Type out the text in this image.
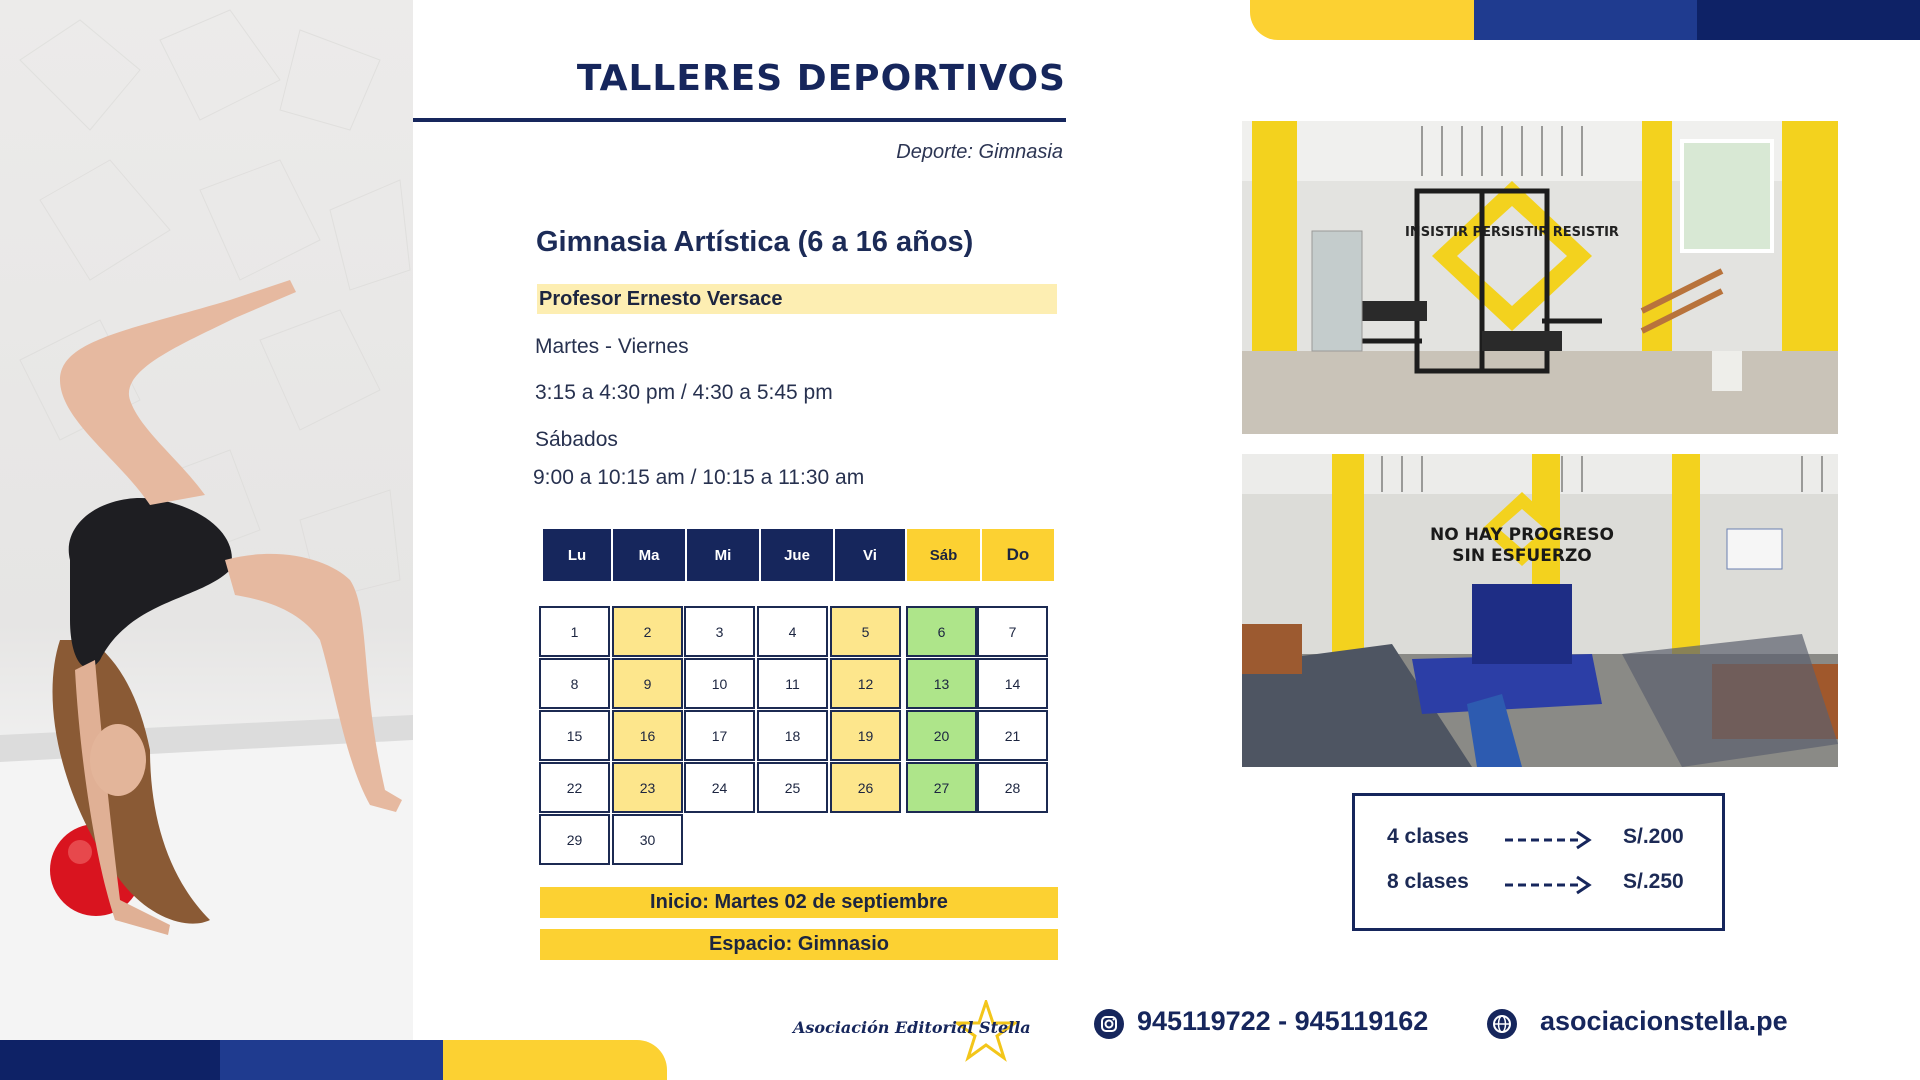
TALLERES DEPORTIVOS
Deporte: Gimnasia
Gimnasia Artística (6 a 16 años)
Profesor Ernesto Versace
Martes - Viernes
3:15 a 4:30 pm / 4:30 a 5:45 pm
Sábados
9:00 a 10:15 am / 10:15 a 11:30 am
Lu	Ma	Mi	Jue	Vi	Sáb	Do
1	2	3	4	5	6	7
8	9	10	11	12	13	14
15	16	17	18	19	20	21
22	23	24	25	26	27	28
29	30
Inicio: Martes 02 de septiembre
Espacio: Gimnasio
INSISTIR PERSISTIR RESISTIR
NO HAY PROGRESO
SIN ESFUERZO
4 clases	S/.200
8 clases	S/.250
Asociación Editorial Stella	945119722 - 945119162	asociacionstella.pe
